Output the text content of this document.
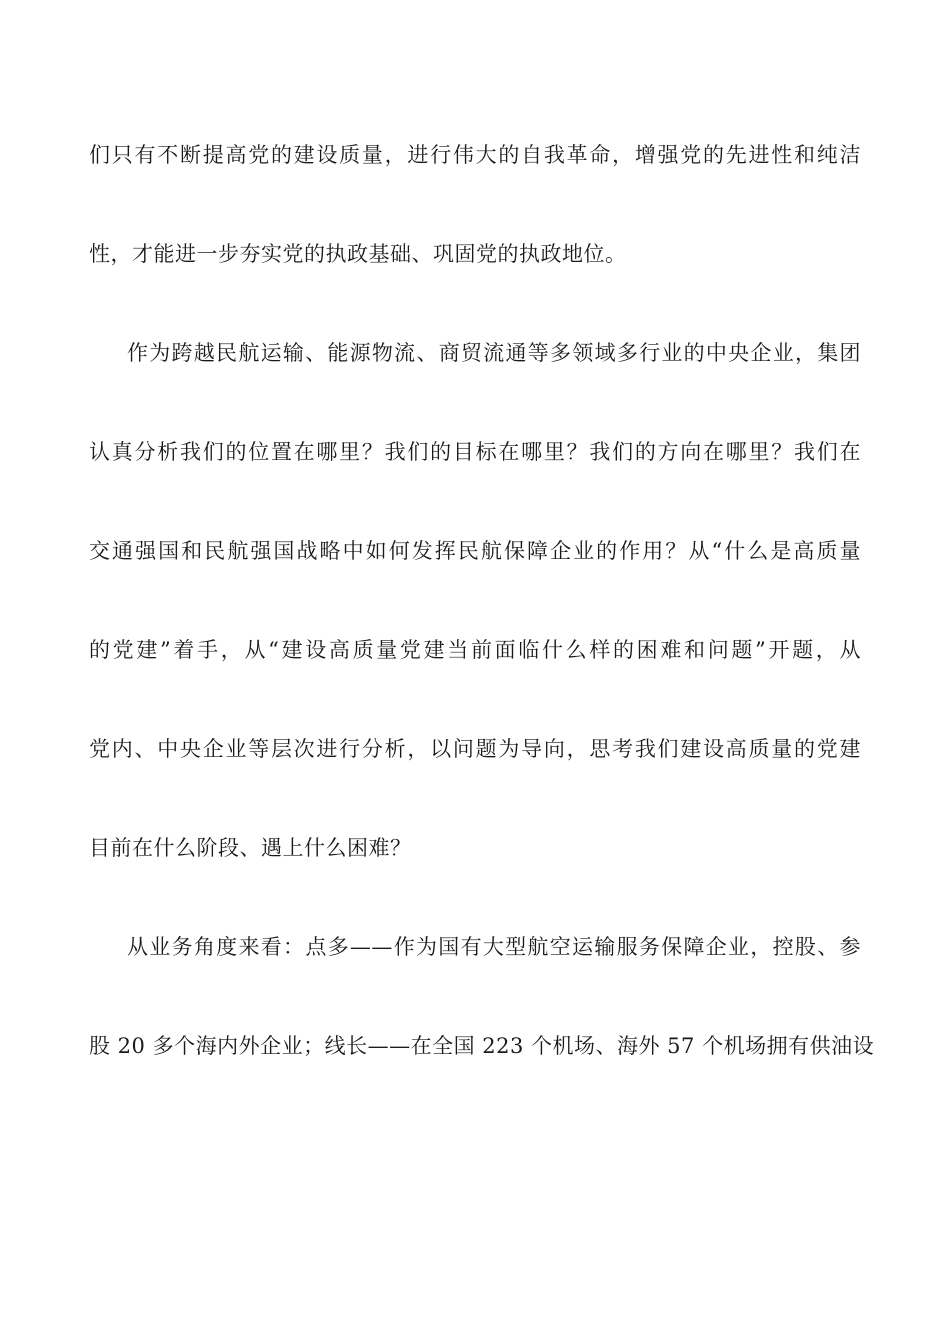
们只有不断提高党的建设质量，进行伟大的自我革命，增强党的先进性和纯洁
性，才能进一步夯实党的执政基础、巩固党的执政地位。
作为跨越民航运输、能源物流、商贸流通等多领域多行业的中央企业，集团
认真分析我们的位置在哪里？我们的目标在哪里？我们的方向在哪里？我们在
交通强国和民航强国战略中如何发挥民航保障企业的作用？从“什么是高质量
的党建”着手，从“建设高质量党建当前面临什么样的困难和问题”开题，从
党内、中央企业等层次进行分析，以问题为导向，思考我们建设高质量的党建
目前在什么阶段、遇上什么困难？
从业务角度来看：点多——作为国有大型航空运输服务保障企业，控股、参
股 20 多个海内外企业；线长——在全国 223 个机场、海外 57 个机场拥有供油设
